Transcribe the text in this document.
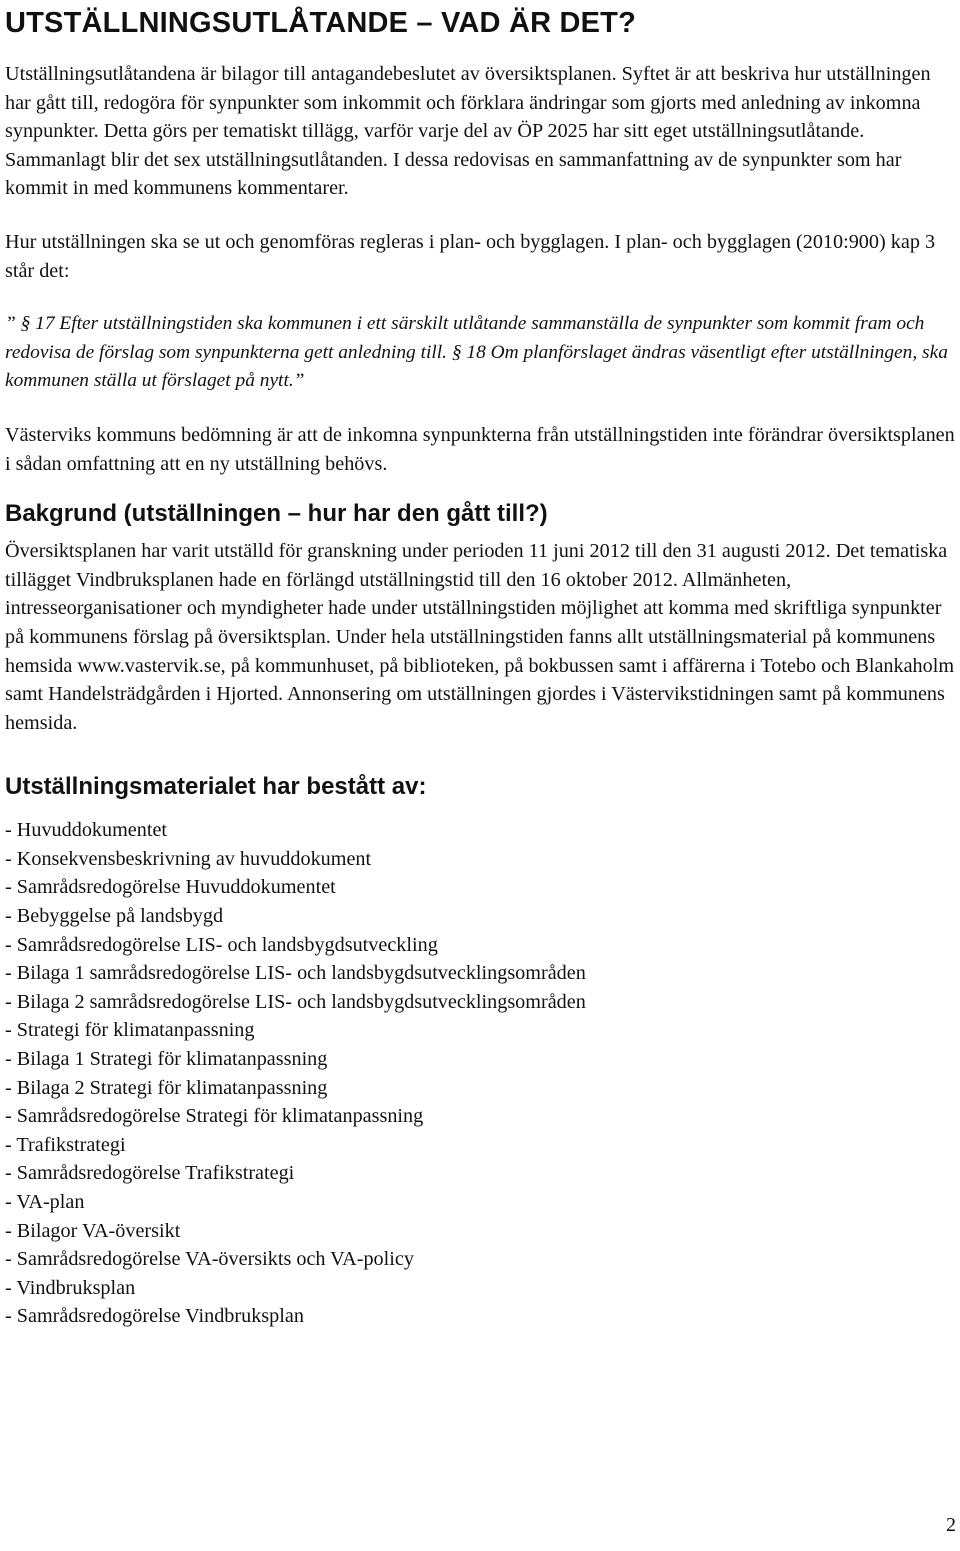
UTSTÄLLNINGSUTLÅTANDE – VAD ÄR DET?

Utställningsutlåtandena är bilagor till antagandebeslutet av översiktsplanen. Syftet är att beskriva hur utställningen har gått till, redogöra för synpunkter som inkommit och förklara ändringar som gjorts med anledning av inkomna synpunkter. Detta görs per tematiskt tillägg, varför varje del av ÖP 2025 har sitt eget utställningsutlåtande. Sammanlagt blir det sex utställningsutlåtanden. I dessa redovisas en sammanfattning av de synpunkter som har kommit in med kommunens kommentarer.

Hur utställningen ska se ut och genomföras regleras i plan- och bygglagen. I plan- och bygglagen (2010:900) kap 3 står det:

” § 17 Efter utställningstiden ska kommunen i ett särskilt utlåtande sammanställa de synpunkter som kommit fram och redovisa de förslag som synpunkterna gett anledning till. § 18 Om planförslaget ändras väsentligt efter utställningen, ska kommunen ställa ut förslaget på nytt.”

Västerviks kommuns bedömning är att de inkomna synpunkterna från utställningstiden inte förändrar översiktsplanen i sådan omfattning att en ny utställning behövs.

Bakgrund (utställningen – hur har den gått till?)

Översiktsplanen har varit utställd för granskning under perioden 11 juni 2012 till den 31 augusti 2012. Det tematiska tillägget Vindbruksplanen hade en förlängd utställningstid till den 16 oktober 2012. Allmänheten, intresseorganisationer och myndigheter hade under utställningstiden möjlighet att komma med skriftliga synpunkter på kommunens förslag på översiktsplan. Under hela utställningstiden fanns allt utställningsmaterial på kommunens hemsida www.vastervik.se, på kommunhuset, på biblioteken, på bokbussen samt i affärerna i Totebo och Blankaholm samt Handelsträdgården i Hjorted. Annonsering om utställningen gjordes i Västervikstidningen samt på kommunens hemsida.

Utställningsmaterialet har bestått av:
- Huvuddokumentet
- Konsekvensbeskrivning av huvuddokument
- Samrådsredogörelse Huvuddokumentet
- Bebyggelse på landsbygd
- Samrådsredogörelse LIS- och landsbygdsutveckling
- Bilaga 1 samrådsredogörelse LIS- och landsbygdsutvecklingsområden
- Bilaga 2 samrådsredogörelse LIS- och landsbygdsutvecklingsområden
- Strategi för klimatanpassning
- Bilaga 1 Strategi för klimatanpassning
- Bilaga 2 Strategi för klimatanpassning
- Samrådsredogörelse Strategi för klimatanpassning
- Trafikstrategi
- Samrådsredogörelse Trafikstrategi
- VA-plan
- Bilagor VA-översikt
- Samrådsredogörelse VA-översikts och VA-policy
- Vindbruksplan
- Samrådsredogörelse Vindbruksplan
2
